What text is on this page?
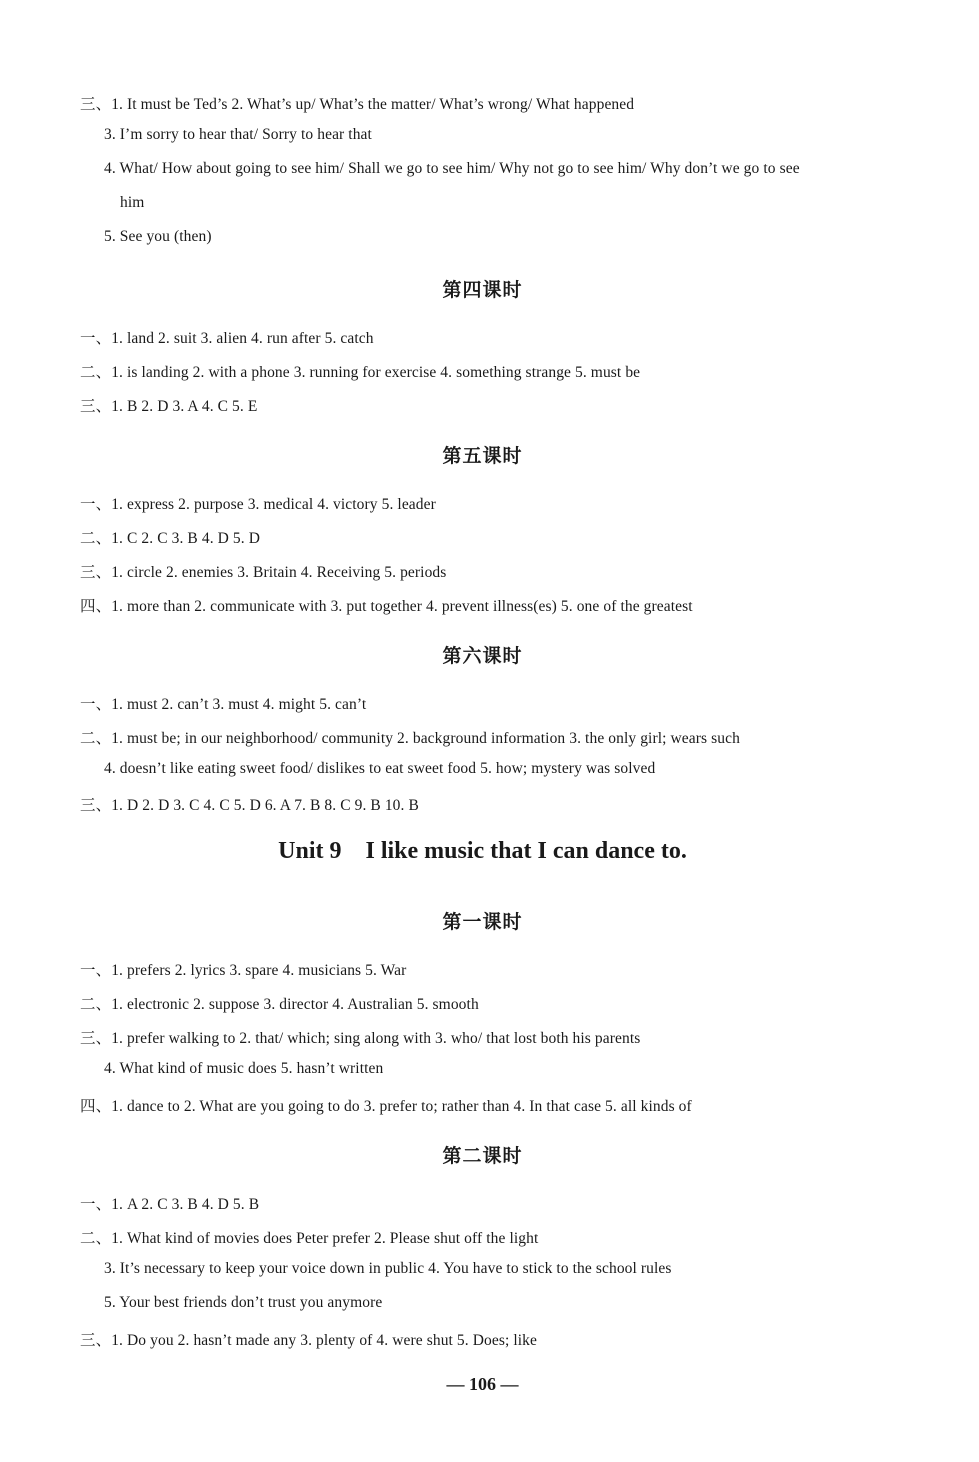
三、1. It must be Ted’s 2. What’s up/ What’s the matter/ What’s wrong/ What happened
3. I’m sorry to hear that/ Sorry to hear that
4. What/ How about going to see him/ Shall we go to see him/ Why not go to see him/ Why don’t we go to see
him
5. See you (then)
第四课时
一、1. land 2. suit 3. alien 4. run after 5. catch
二、1. is landing 2. with a phone 3. running for exercise 4. something strange 5. must be
三、1. B 2. D 3. A 4. C 5. E
第五课时
一、1. express 2. purpose 3. medical 4. victory 5. leader
二、1. C 2. C 3. B 4. D 5. D
三、1. circle 2. enemies 3. Britain 4. Receiving 5. periods
四、1. more than 2. communicate with 3. put together 4. prevent illness(es) 5. one of the greatest
第六课时
一、1. must 2. can’t 3. must 4. might 5. can’t
二、1. must be; in our neighborhood/ community 2. background information 3. the only girl; wears such
4. doesn’t like eating sweet food/ dislikes to eat sweet food 5. how; mystery was solved
三、1. D 2. D 3. C 4. C 5. D 6. A 7. B 8. C 9. B 10. B
Unit 9 I like music that I can dance to.
第一课时
一、1. prefers 2. lyrics 3. spare 4. musicians 5. War
二、1. electronic 2. suppose 3. director 4. Australian 5. smooth
三、1. prefer walking to 2. that/ which; sing along with 3. who/ that lost both his parents
4. What kind of music does 5. hasn’t written
四、1. dance to 2. What are you going to do 3. prefer to; rather than 4. In that case 5. all kinds of
第二课时
一、1. A 2. C 3. B 4. D 5. B
二、1. What kind of movies does Peter prefer 2. Please shut off the light
3. It’s necessary to keep your voice down in public 4. You have to stick to the school rules
5. Your best friends don’t trust you anymore
三、1. Do you 2. hasn’t made any 3. plenty of 4. were shut 5. Does; like
— 106 —
